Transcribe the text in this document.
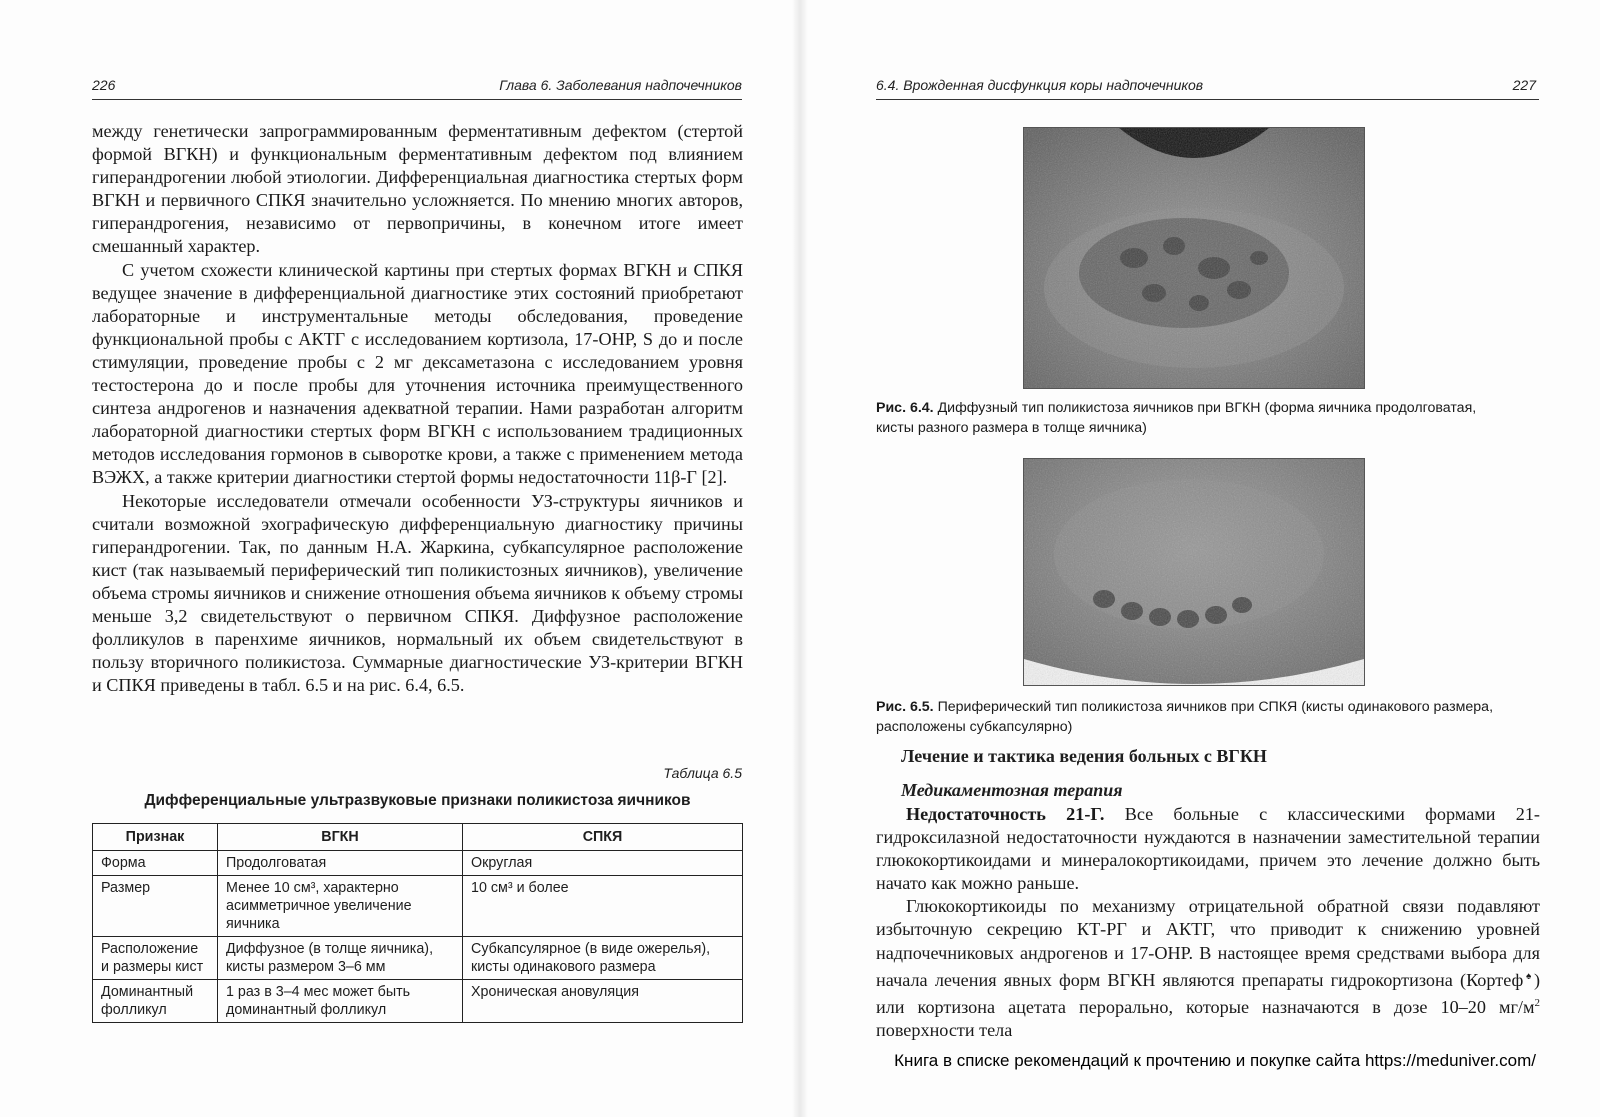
226	Глава 6. Заболевания надпочечников

между генетически запрограммированным ферментативным дефектом (стертой формой ВГКН) и функциональным ферментативным дефектом под влиянием гиперандрогении любой этиологии. Дифференциальная диагностика стертых форм ВГКН и первичного СПКЯ значительно усложняется. По мнению многих авторов, гиперандрогения, независимо от первопричины, в конечном итоге имеет смешанный характер.

С учетом схожести клинической картины при стертых формах ВГКН и СПКЯ ведущее значение в дифференциальной диагностике этих состояний приобретают лабораторные и инструментальные методы обследования, проведение функциональной пробы с АКТГ с исследованием кортизола, 17-ОНР, S до и после стимуляции, проведение пробы с 2 мг дексаметазона с исследованием уровня тестостерона до и после пробы для уточнения источника преимущественного синтеза андрогенов и назначения адекватной терапии. Нами разработан алгоритм лабораторной диагностики стертых форм ВГКН с использованием традиционных методов исследования гормонов в сыворотке крови, а также с применением метода ВЭЖХ, а также критерии диагностики стертой формы недостаточности 11β-Г [2].

Некоторые исследователи отмечали особенности УЗ-структуры яичников и считали возможной эхографическую дифференциальную диагностику причины гиперандрогении. Так, по данным Н.А. Жаркина, субкапсулярное расположение кист (так называемый периферический тип поликистозных яичников), увеличение объема стромы яичников и снижение отношения объема яичников к объему стромы меньше 3,2 свидетельствуют о первичном СПКЯ. Диффузное расположение фолликулов в паренхиме яичников, нормальный их объем свидетельствуют в пользу вторичного поликистоза. Суммарные диагностические УЗ-критерии ВГКН и СПКЯ приведены в табл. 6.5 и на рис. 6.4, 6.5.

Таблица 6.5
Дифференциальные ультразвуковые признаки поликистоза яичников
Признак	ВГКН	СПКЯ
Форма	Продолговатая	Округлая
Размер	Менее 10 см³, характерно асимметричное увеличение яичника	10 см³ и более
Расположение и размеры кист	Диффузное (в толще яичника), кисты размером 3–6 мм	Субкапсулярное (в виде ожерелья), кисты одинакового размера
Доминантный фолликул	1 раз в 3–4 мес может быть доминантный фолликул	Хроническая ановуляция
6.4. Врожденная дисфункция коры надпочечников	227
Лечение и тактика ведения больных с ВГКН
Медикаментозная терапия

Недостаточность 21-Г. Все больные с классическими формами 21-гидроксилазной недостаточности нуждаются в назначении заместительной терапии глюкокортикоидами и минералокортикоидами, причем это лечение должно быть начато как можно раньше.

Глюкокортикоиды по механизму отрицательной обратной связи подавляют избыточную секрецию КТ-РГ и АКТГ, что приводит к снижению уровней надпочечниковых андрогенов и 17-ОНР. В настоящее время средствами выбора для начала лечения явных форм ВГКН являются препараты гидрокортизона (Кортеф♠) или кортизона ацетата перорально, которые назначаются в дозе 10–20 $мг/м^2$ поверхности тела

Рис. 6.4. Диффузный тип поликистоза яичников при ВГКН (форма яичника продолговатая, кисты разного размера в толще яичника)
Рис. 6.5. Периферический тип поликистоза яичников при СПКЯ (кисты одинакового размера, расположены субкапсулярно)
Книга в списке рекомендаций к прочтению и покупке сайта https://meduniver.com/
